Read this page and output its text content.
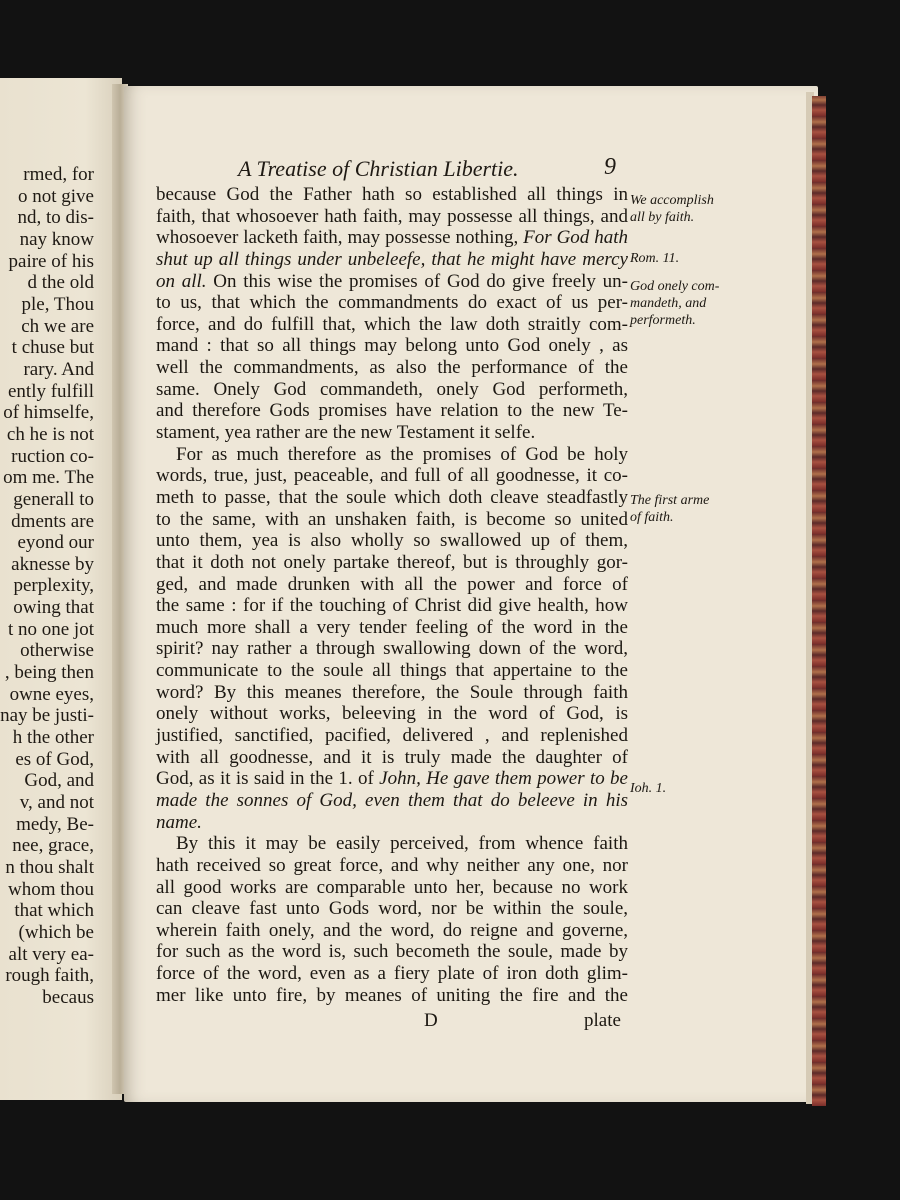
rmed, for
o not give
nd, to dis-
nay know
paire of his
d the old
ple, Thou
ch we are
t chuse but
rary. And
ently fulfill
of himselfe,
ch he is not
ruction co-
om me. The
generall to
dments are
eyond our
aknesse by
perplexity,
owing that
t no one jot
otherwise
, being then
owne eyes,
nay be justi-
h the other
es of God,
God, and
v, and not
medy, Be-
nee, grace,
n thou shalt
whom thou
that which
(which be
alt very ea-
rough faith,
becaus
A Treatise of Christian Libertie.	9
because God the Father hath so established all things in
faith, that whosoever hath faith, may possesse all things, and
whosoever lacketh faith, may possesse nothing, For God hath
shut up all things under unbeleefe, that he might have mercy
on all. On this wise the promises of God do give freely un-
to us, that which the commandments do exact of us per-
force, and do fulfill that, which the law doth straitly com-
mand : that so all things may belong unto God onely , as
well the commandments, as also the performance of the
same. Onely God commandeth, onely God performeth,
and therefore Gods promises have relation to the new Te-
stament, yea rather are the new Testament it selfe.
For as much therefore as the promises of God be holy
words, true, just, peaceable, and full of all goodnesse, it co-
meth to passe, that the soule which doth cleave steadfastly
to the same, with an unshaken faith, is become so united
unto them, yea is also wholly so swallowed up of them,
that it doth not onely partake thereof, but is throughly gor-
ged, and made drunken with all the power and force of
the same : for if the touching of Christ did give health, how
much more shall a very tender feeling of the word in the
spirit? nay rather a through swallowing down of the word,
communicate to the soule all things that appertaine to the
word? By this meanes therefore, the Soule through faith
onely without works, beleeving in the word of God, is
justified, sanctified, pacified, delivered , and replenished
with all goodnesse, and it is truly made the daughter of
God, as it is said in the 1. of John, He gave them power to be
made the sonnes of God, even them that do beleeve in his
name.
By this it may be easily perceived, from whence faith
hath received so great force, and why neither any one, nor
all good works are comparable unto her, because no work
can cleave fast unto Gods word, nor be within the soule,
wherein faith onely, and the word, do reigne and governe,
for such as the word is, such becometh the soule, made by
force of the word, even as a fiery plate of iron doth glim-
mer like unto fire, by meanes of uniting the fire and the
We accomplish
all by faith.
Rom. 11.
God onely com-
mandeth, and
performeth.
The first arme
of faith.
Ioh. 1.
D	plate
